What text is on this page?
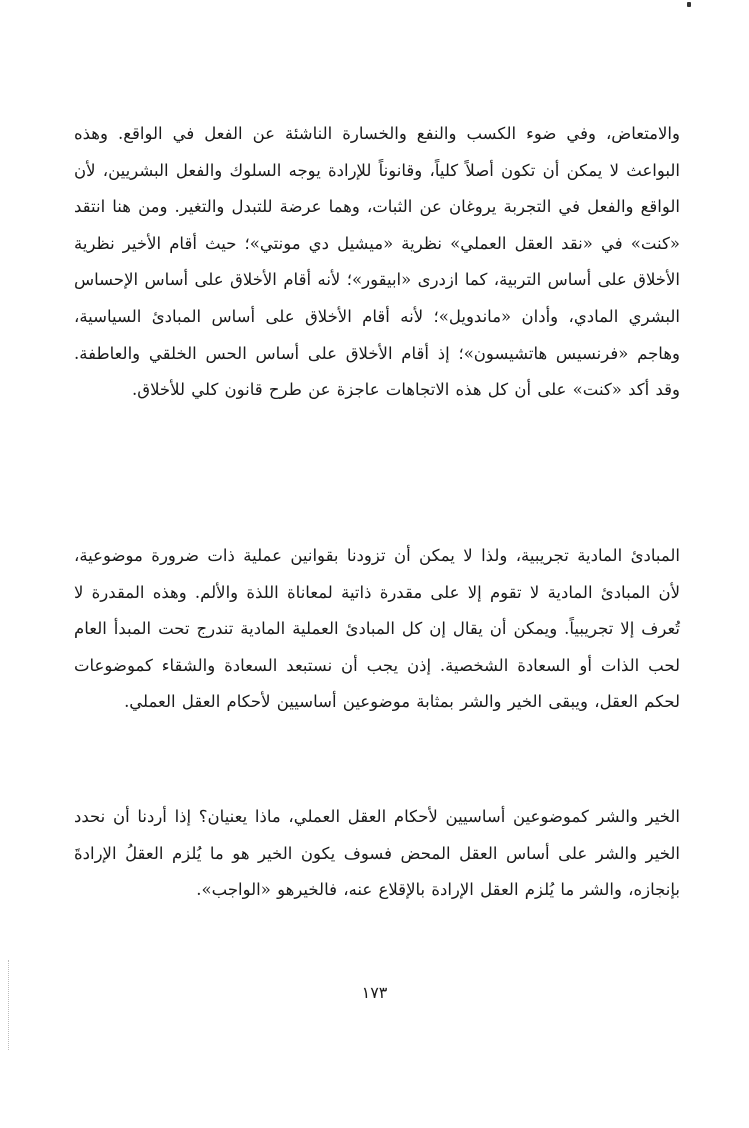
والامتعاض، وفي ضوء الكسب والنفع والخسارة الناشئة عن الفعل في الواقع. وهذه البواعث لا يمكن أن تكون أصلاً كلياً، وقانوناً للإرادة يوجه السلوك والفعل البشريين، لأن الواقع والفعل في التجربة يروغان عن الثبات، وهما عرضة للتبدل والتغير. ومن هنا انتقد «كنت» في «نقد العقل العملي» نظرية «ميشيل دي مونتي»؛ حيث أقام الأخير نظرية الأخلاق على أساس التربية، كما ازدرى «ابيقور»؛ لأنه أقام الأخلاق على أساس الإحساس البشري المادي، وأدان «ماندويل»؛ لأنه أقام الأخلاق على أساس المبادئ السياسية، وهاجم «فرنسيس هاتشيسون»؛ إذ أقام الأخلاق على أساس الحس الخلقي والعاطفة. وقد أكد «كنت» على أن كل هذه الاتجاهات عاجزة عن طرح قانون كلي للأخلاق.

المبادئ المادية تجريبية، ولذا لا يمكن أن تزودنا بقوانين عملية ذات ضرورة موضوعية، لأن المبادئ المادية لا تقوم إلا على مقدرة ذاتية لمعاناة اللذة والألم. وهذه المقدرة لا تُعرف إلا تجريبياً. ويمكن أن يقال إن كل المبادئ العملية المادية تندرج تحت المبدأ العام لحب الذات أو السعادة الشخصية. إذن يجب أن نستبعد السعادة والشقاء كموضوعات لحكم العقل، ويبقى الخير والشر بمثابة موضوعين أساسيين لأحكام العقل العملي.

الخير والشر كموضوعين أساسيين لأحكام العقل العملي، ماذا يعنيان؟ إذا أردنا أن نحدد الخير والشر على أساس العقل المحض فسوف يكون الخير هو ما يُلزم العقلُ الإرادةَ بإنجازه، والشر ما يُلزم العقل الإرادة بالإقلاع عنه، فالخيرهو «الواجب».

١٧٣
